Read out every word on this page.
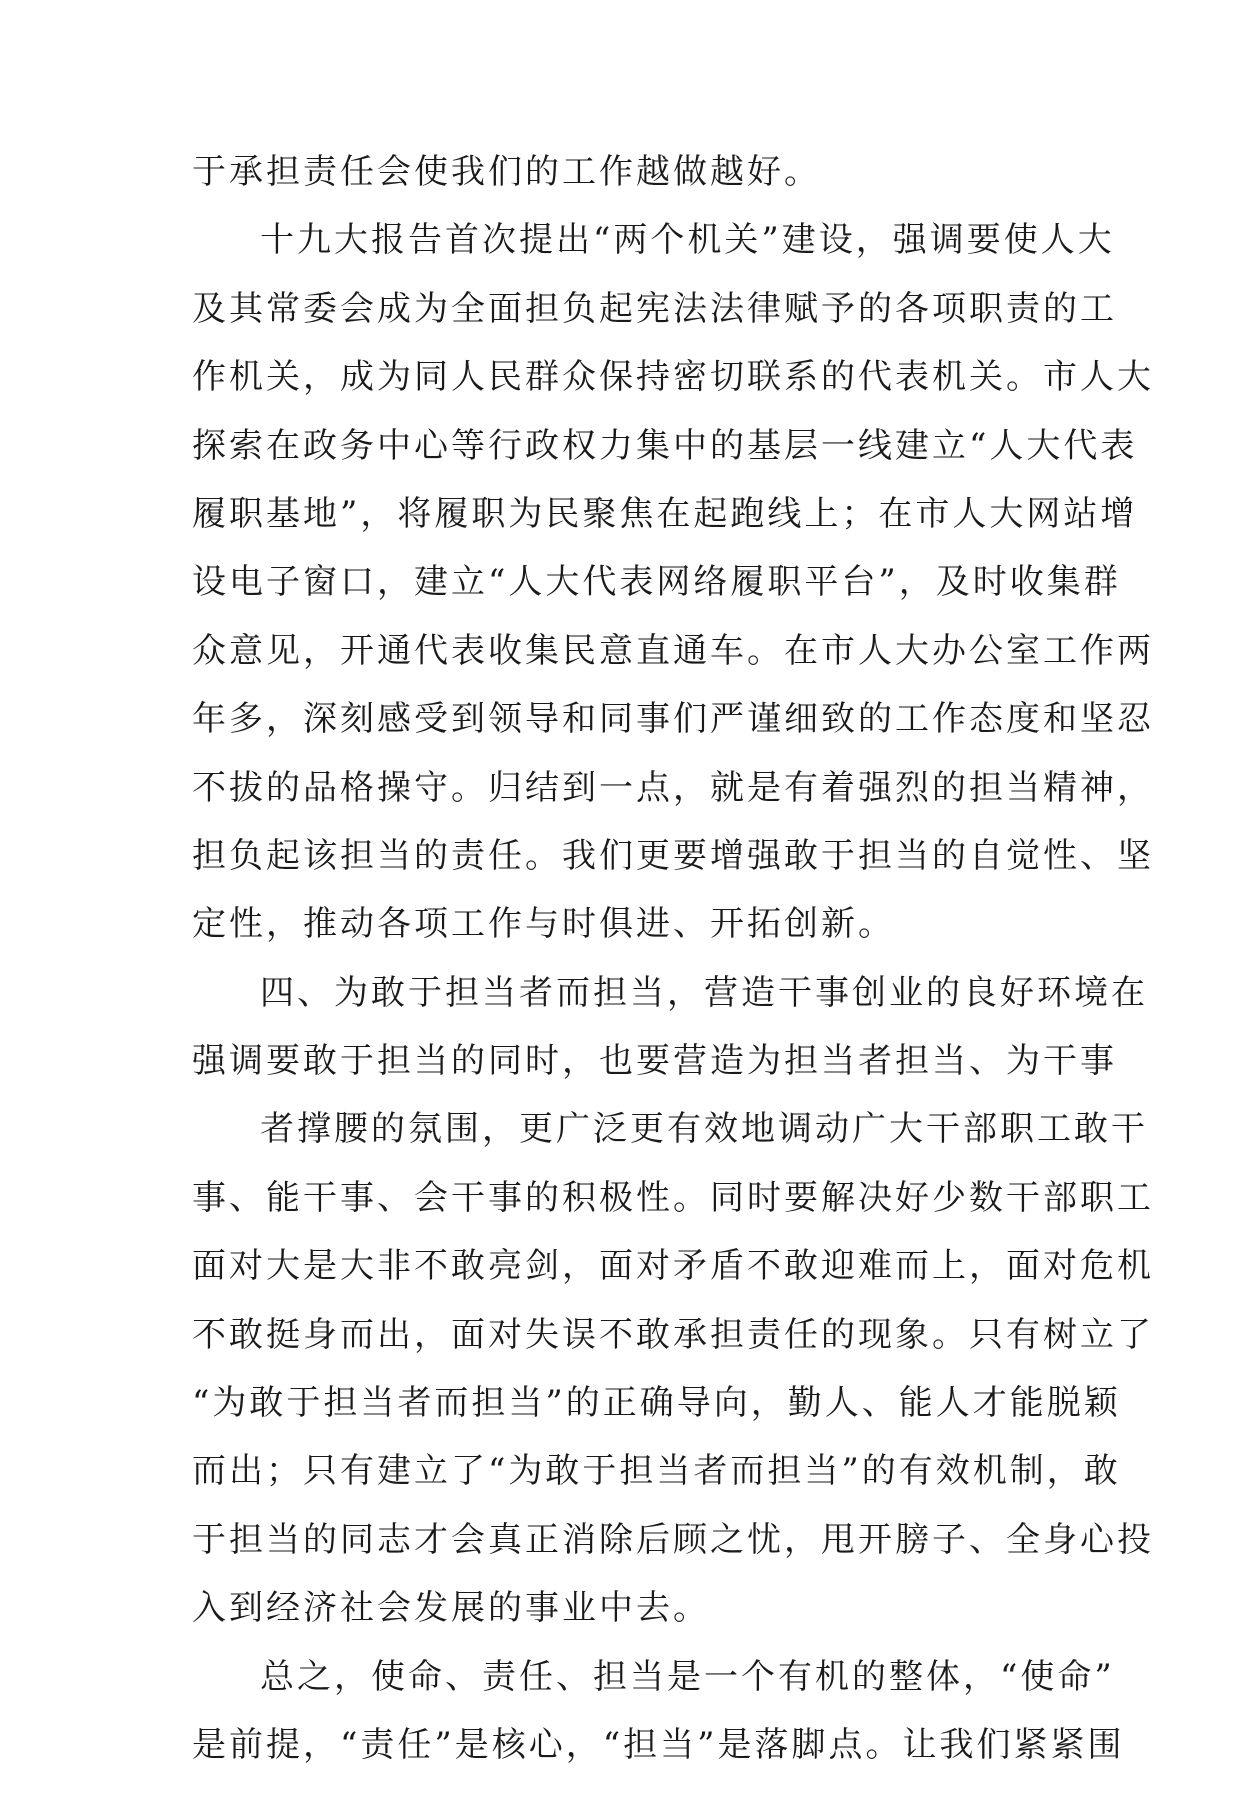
于承担责任会使我们的工作越做越好。
十九大报告首次提出“两个机关”建设，强调要使人大
及其常委会成为全面担负起宪法法律赋予的各项职责的工
作机关，成为同人民群众保持密切联系的代表机关。市人大
探索在政务中心等行政权力集中的基层一线建立“人大代表
履职基地”，将履职为民聚焦在起跑线上；在市人大网站增
设电子窗口，建立“人大代表网络履职平台”，及时收集群
众意见，开通代表收集民意直通车。在市人大办公室工作两
年多，深刻感受到领导和同事们严谨细致的工作态度和坚忍
不拔的品格操守。归结到一点，就是有着强烈的担当精神，
担负起该担当的责任。我们更要增强敢于担当的自觉性、坚
定性，推动各项工作与时俱进、开拓创新。
四、为敢于担当者而担当，营造干事创业的良好环境在
强调要敢于担当的同时，也要营造为担当者担当、为干事
者撑腰的氛围，更广泛更有效地调动广大干部职工敢干
事、能干事、会干事的积极性。同时要解决好少数干部职工
面对大是大非不敢亮剑，面对矛盾不敢迎难而上，面对危机
不敢挺身而出，面对失误不敢承担责任的现象。只有树立了
“为敢于担当者而担当”的正确导向，勤人、能人才能脱颖
而出；只有建立了“为敢于担当者而担当”的有效机制，敢
于担当的同志才会真正消除后顾之忧，甩开膀子、全身心投
入到经济社会发展的事业中去。
总之，使命、责任、担当是一个有机的整体，“使命”
是前提，“责任”是核心，“担当”是落脚点。让我们紧紧围
